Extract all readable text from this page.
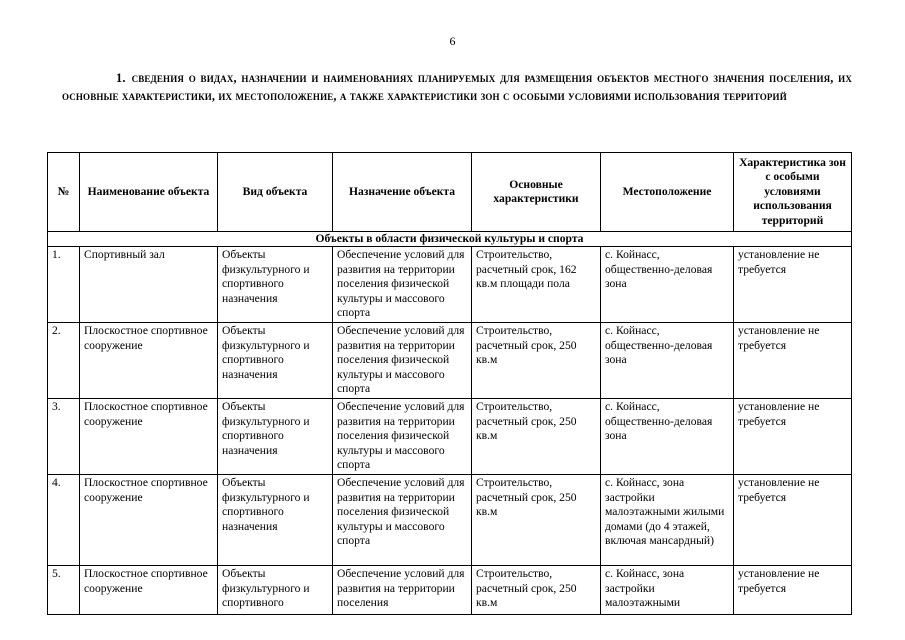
6
1. сведения о видах, назначении и наименованиях планируемых для размещения объектов местного значения поселения, их основные характеристики, их местоположение, а также характеристики зон с особыми условиями использования территорий
№	Наименование объекта	Вид объекта	Назначение объекта	Основные характеристики	Местоположение	Характеристика зон с особыми условиями использования территорий
Объекты в области физической культуры и спорта						
1.	Спортивный зал	Объекты физкультурного и спортивного назначения	Обеспечение условий для развития на территории поселения физической культуры и массового спорта	Строительство, расчетный срок, 162 кв.м площади пола	с. Койнасс, общественно-деловая зона	установление не требуется
2.	Плоскостное спортивное сооружение	Объекты физкультурного и спортивного назначения	Обеспечение условий для развития на территории поселения физической культуры и массового спорта	Строительство, расчетный срок, 250 кв.м	с. Койнасс, общественно-деловая зона	установление не требуется
3.	Плоскостное спортивное сооружение	Объекты физкультурного и спортивного назначения	Обеспечение условий для развития на территории поселения физической культуры и массового спорта	Строительство, расчетный срок, 250 кв.м	с. Койнасс, общественно-деловая зона	установление не требуется
4.	Плоскостное спортивное сооружение	Объекты физкультурного и спортивного назначения	Обеспечение условий для развития на территории поселения физической культуры и массового спорта	Строительство, расчетный срок, 250 кв.м	с. Койнасс, зона застройки малоэтажными жилыми домами (до 4 этажей, включая мансардный)	установление не требуется
5.	Плоскостное спортивное сооружение	Объекты физкультурного и спортивного	Обеспечение условий для развития на территории поселения	Строительство, расчетный срок, 250 кв.м	с. Койнасс, зона застройки малоэтажными	установление не требуется
